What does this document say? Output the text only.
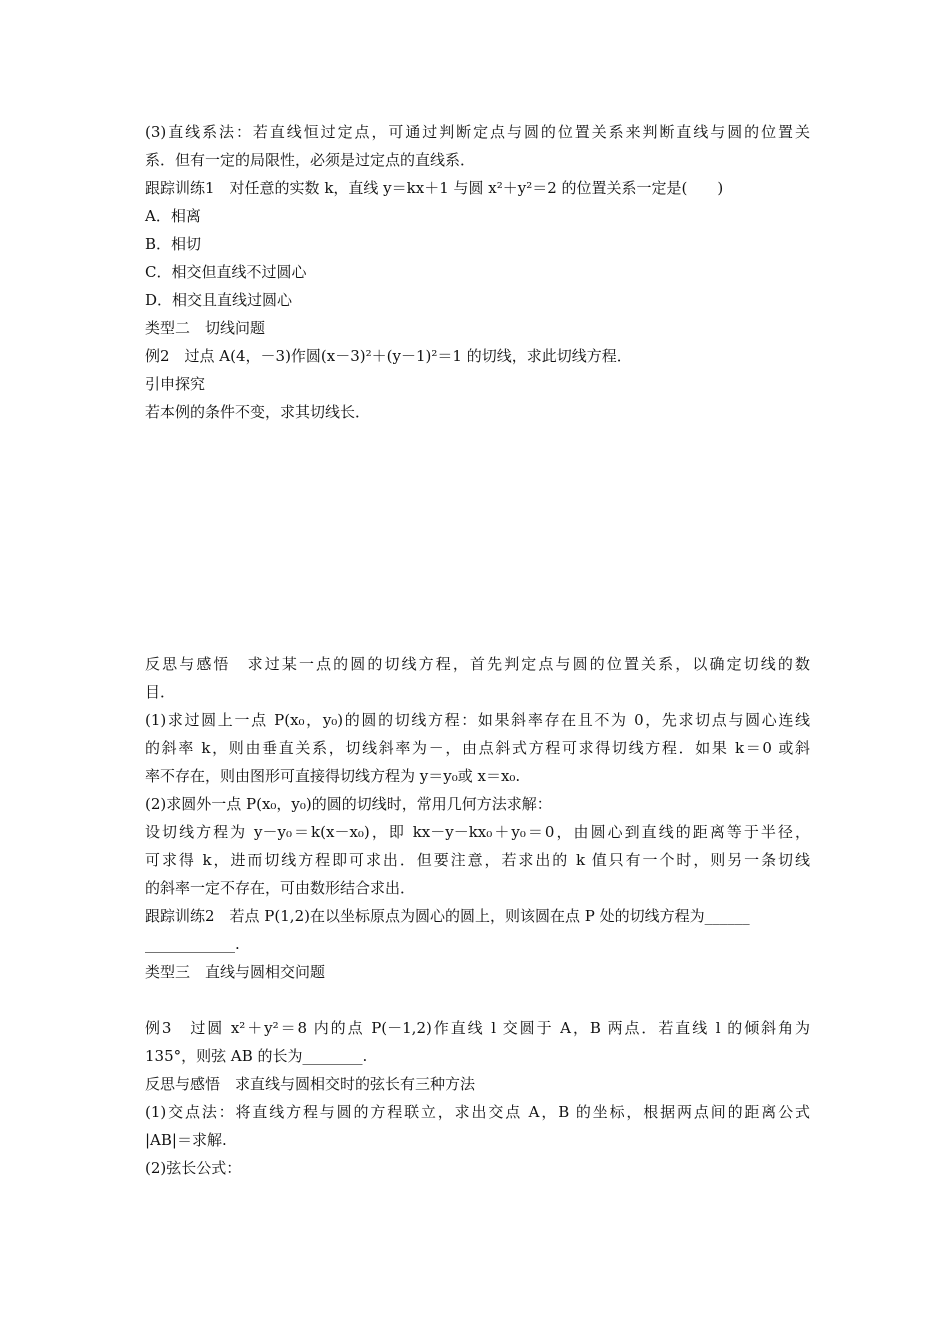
(3)直线系法：若直线恒过定点，可通过判断定点与圆的位置关系来判断直线与圆的位置关
系．但有一定的局限性，必须是过定点的直线系．
跟踪训练1　对任意的实数 k，直线 y＝kx＋1 与圆 x²＋y²＝2 的位置关系一定是(　　)
A．相离
B．相切
C．相交但直线不过圆心
D．相交且直线过圆心
类型二　切线问题
例2　过点 A(4，－3)作圆(x－3)²＋(y－1)²＝1 的切线，求此切线方程．
引申探究
若本例的条件不变，求其切线长．
反思与感悟　求过某一点的圆的切线方程，首先判定点与圆的位置关系，以确定切线的数
目．
(1)求过圆上一点 P(x₀，y₀)的圆的切线方程：如果斜率存在且不为 0，先求切点与圆心连线
的斜率 k，则由垂直关系，切线斜率为－，由点斜式方程可求得切线方程．如果 k＝0 或斜
率不存在，则由图形可直接得切线方程为 y＝y₀或 x＝x₀.
(2)求圆外一点 P(x₀，y₀)的圆的切线时，常用几何方法求解：
设切线方程为 y－y₀＝k(x－x₀)，即 kx－y－kx₀＋y₀＝0，由圆心到直线的距离等于半径，
可求得 k，进而切线方程即可求出．但要注意，若求出的 k 值只有一个时，则另一条切线
的斜率一定不存在，可由数形结合求出．
跟踪训练2　若点 P(1,2)在以坐标原点为圆心的圆上，则该圆在点 P 处的切线方程为______
____________.
类型三　直线与圆相交问题
例3　过圆 x²＋y²＝8 内的点 P(－1,2)作直线 l 交圆于 A，B 两点．若直线 l 的倾斜角为
135°，则弦 AB 的长为________.
反思与感悟　求直线与圆相交时的弦长有三种方法
(1)交点法：将直线方程与圆的方程联立，求出交点 A，B 的坐标，根据两点间的距离公式
|AB|＝求解.
(2)弦长公式：
